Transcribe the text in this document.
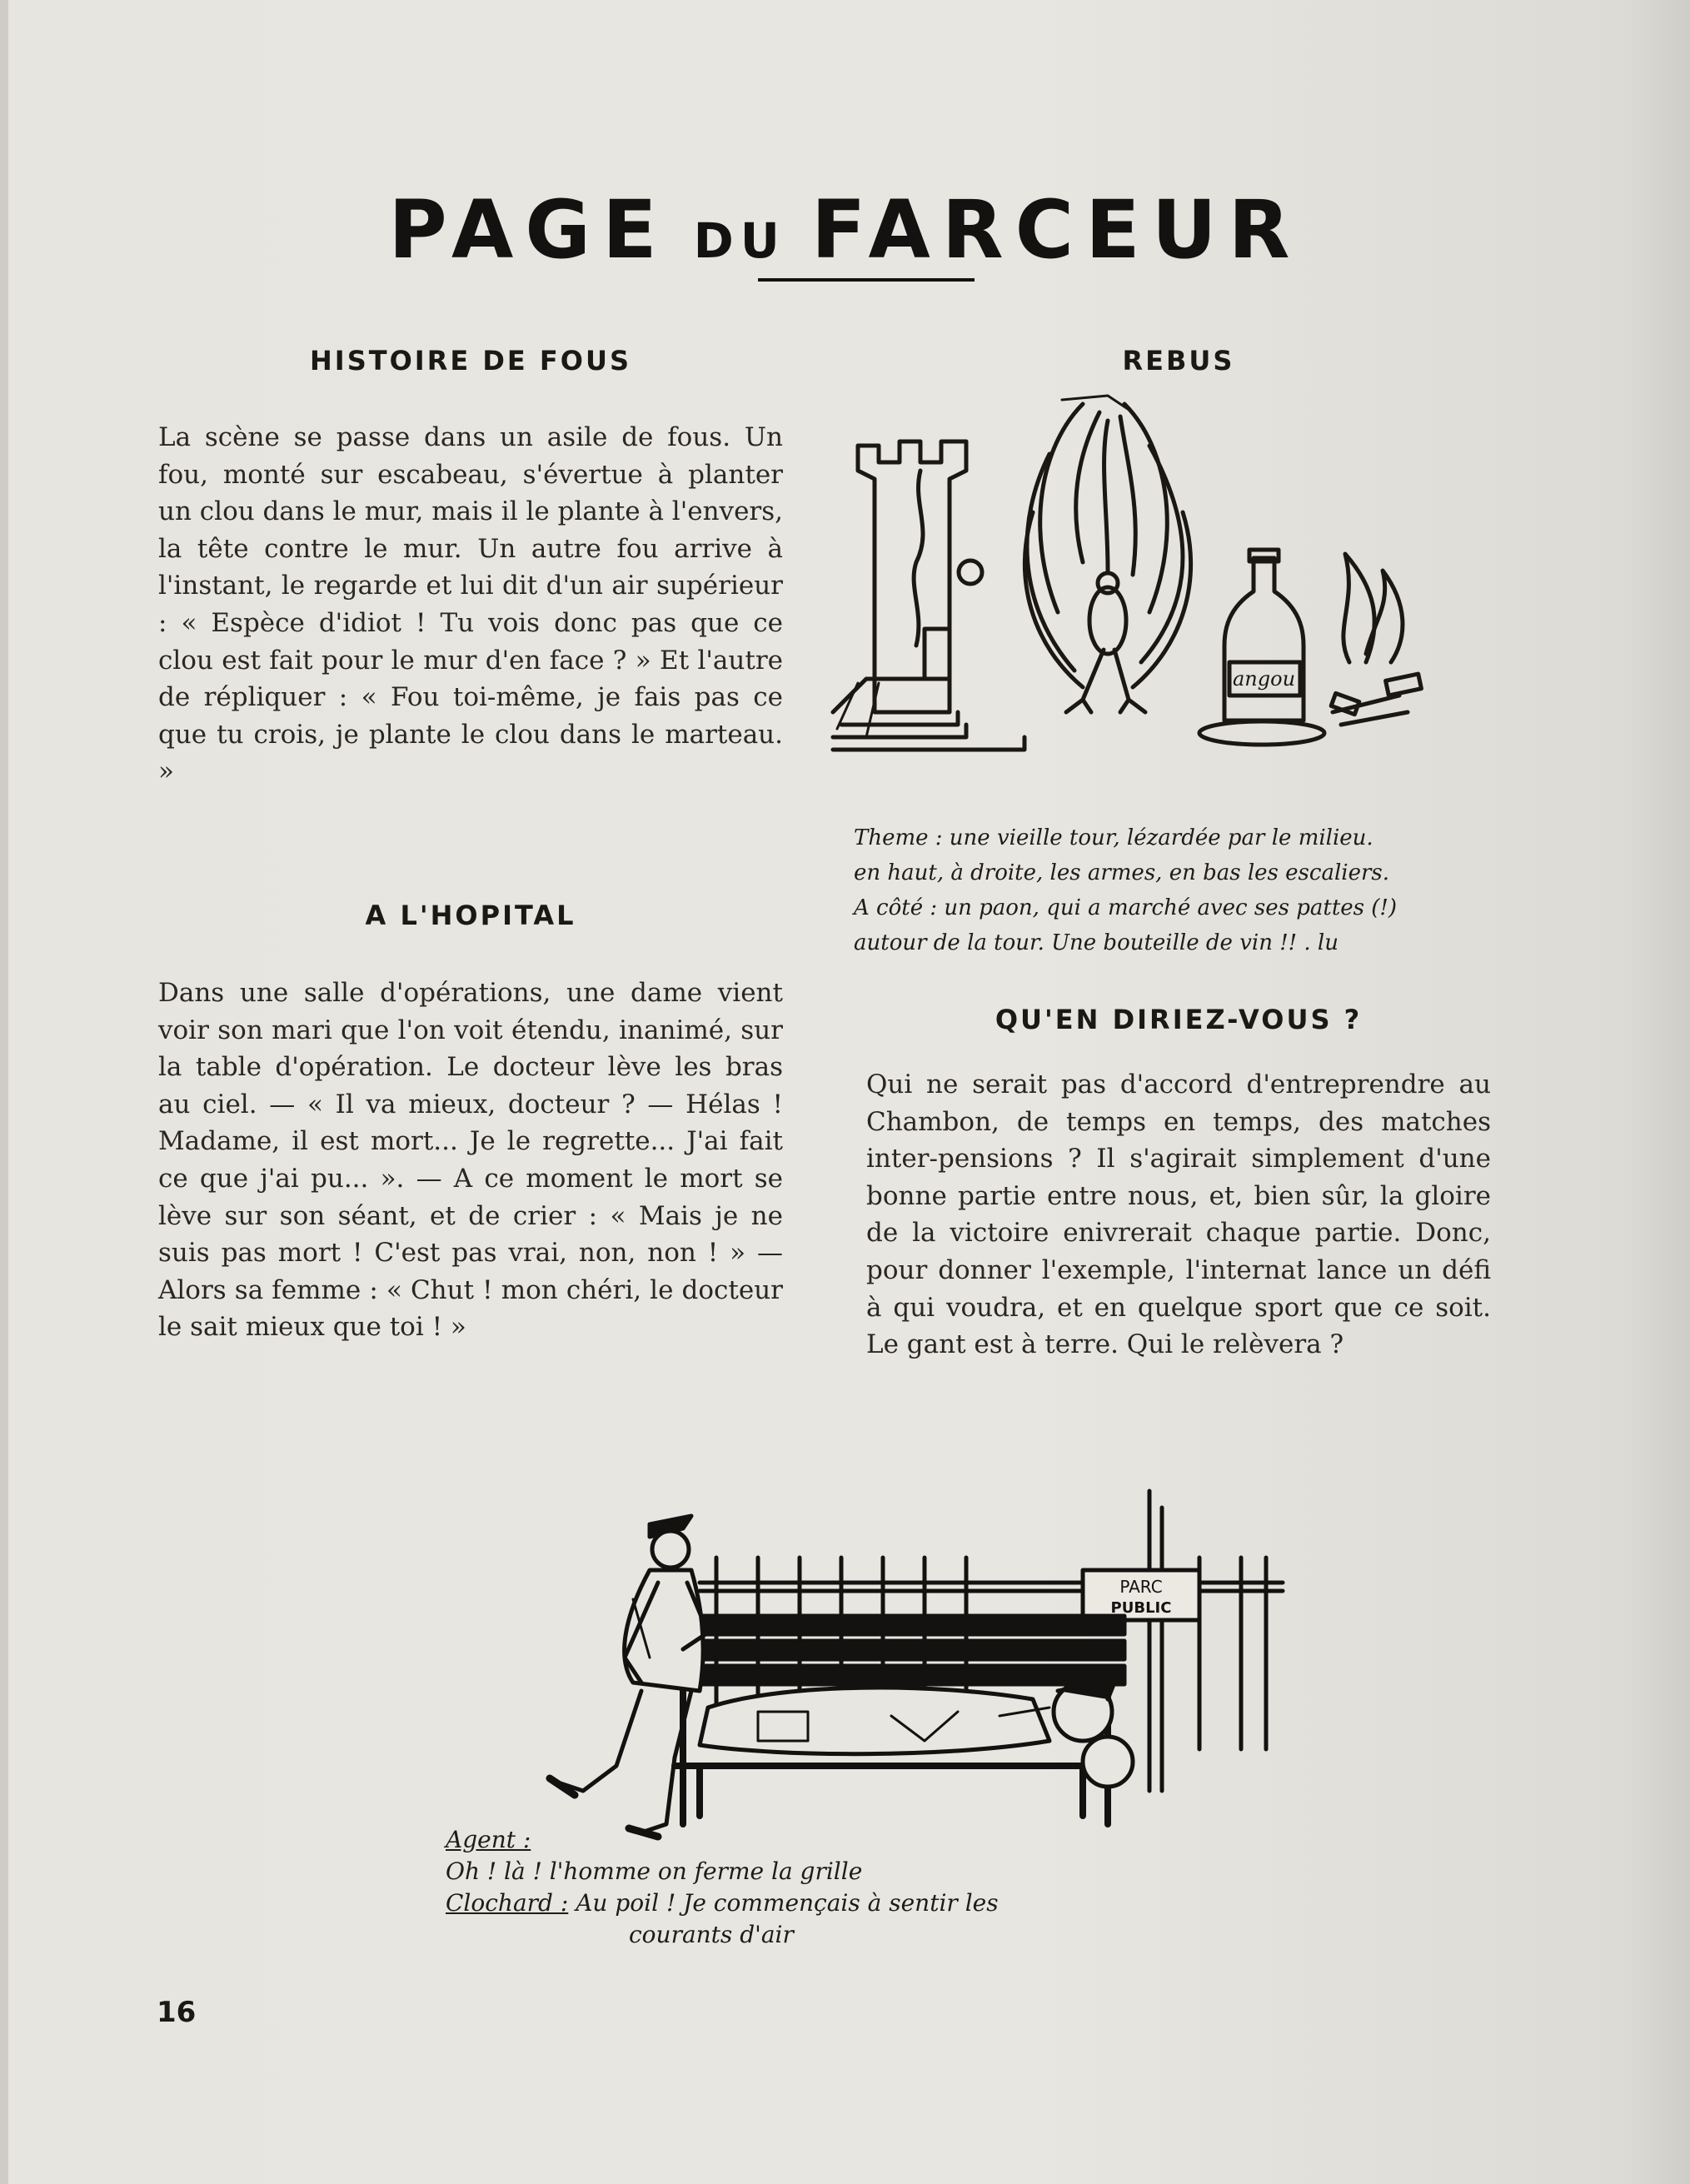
PAGE DU FARCEUR
HISTOIRE DE FOUS
La scène se passe dans un asile de fous. Un fou, monté sur escabeau, s'évertue à planter un clou dans le mur, mais il le plante à l'envers, la tête contre le mur. Un autre fou arrive à l'instant, le regarde et lui dit d'un air supérieur : « Espèce d'idiot ! Tu vois donc pas que ce clou est fait pour le mur d'en face ? » Et l'autre de répliquer : « Fou toi-même, je fais pas ce que tu crois, je plante le clou dans le marteau. »
A L'HOPITAL
Dans une salle d'opérations, une dame vient voir son mari que l'on voit étendu, inanimé, sur la table d'opération. Le docteur lève les bras au ciel. — « Il va mieux, docteur ? — Hélas ! Madame, il est mort... Je le regrette... J'ai fait ce que j'ai pu... ». — A ce moment le mort se lève sur son séant, et de crier : « Mais je ne suis pas mort ! C'est pas vrai, non, non ! » — Alors sa femme : « Chut ! mon chéri, le docteur le sait mieux que toi ! »
REBUS
angou
Theme : une vieille tour, lézardée par le milieu.
en haut, à droite, les armes, en bas les escaliers.
A côté : un paon, qui a marché avec ses pattes (!)
autour de la tour. Une bouteille de vin !! . lu
QU'EN DIRIEZ-VOUS ?
Qui ne serait pas d'accord d'entreprendre au Chambon, de temps en temps, des matches inter-pensions ? Il s'agirait simplement d'une bonne partie entre nous, et, bien sûr, la gloire de la victoire enivrerait chaque partie. Donc, pour donner l'exemple, l'internat lance un défi à qui voudra, et en quelque sport que ce soit. Le gant est à terre. Qui le relèvera ?
PARC
PUBLIC
Agent :
Oh ! là ! l'homme on ferme la grille
Clochard : Au poil ! Je commençais à sentir les
courants d'air
16
